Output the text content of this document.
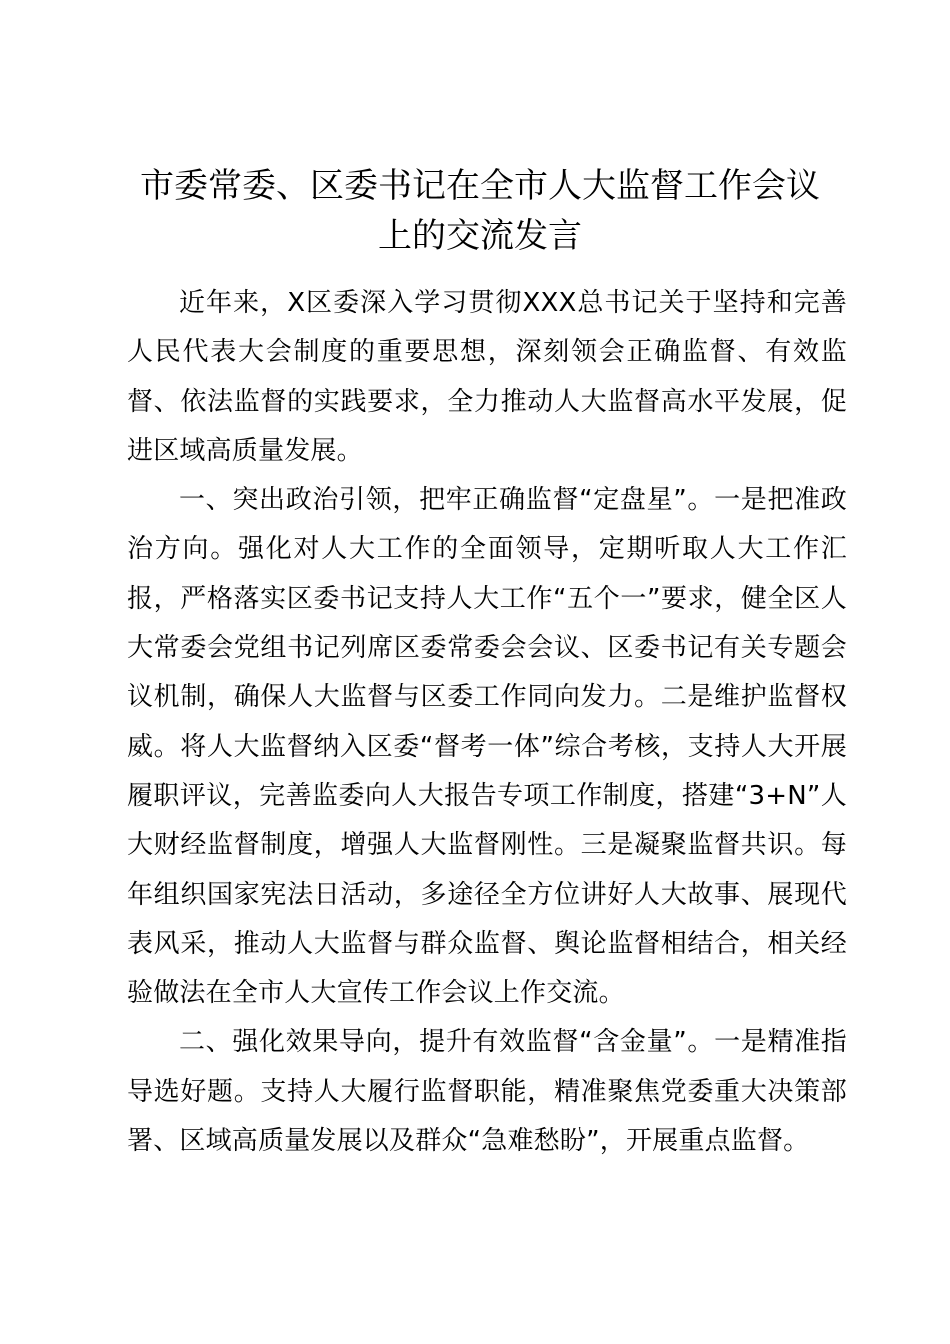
市委常委、区委书记在全市人大监督工作会议
上的交流发言

近年来，X区委深入学习贯彻XXX总书记关于坚持和完善人民代表大会制度的重要思想，深刻领会正确监督、有效监督、依法监督的实践要求，全力推动人大监督高水平发展，促进区域高质量发展。

一、突出政治引领，把牢正确监督“定盘星”。一是把准政治方向。强化对人大工作的全面领导，定期听取人大工作汇报，严格落实区委书记支持人大工作“五个一”要求，健全区人大常委会党组书记列席区委常委会会议、区委书记有关专题会议机制，确保人大监督与区委工作同向发力。二是维护监督权威。将人大监督纳入区委“督考一体”综合考核，支持人大开展履职评议，完善监委向人大报告专项工作制度，搭建“3+N”人大财经监督制度，增强人大监督刚性。三是凝聚监督共识。每年组织国家宪法日活动，多途径全方位讲好人大故事、展现代表风采，推动人大监督与群众监督、舆论监督相结合，相关经验做法在全市人大宣传工作会议上作交流。

二、强化效果导向，提升有效监督“含金量”。一是精准指导选好题。支持人大履行监督职能，精准聚焦党委重大决策部署、区域高质量发展以及群众“急难愁盼”，开展重点监督。
